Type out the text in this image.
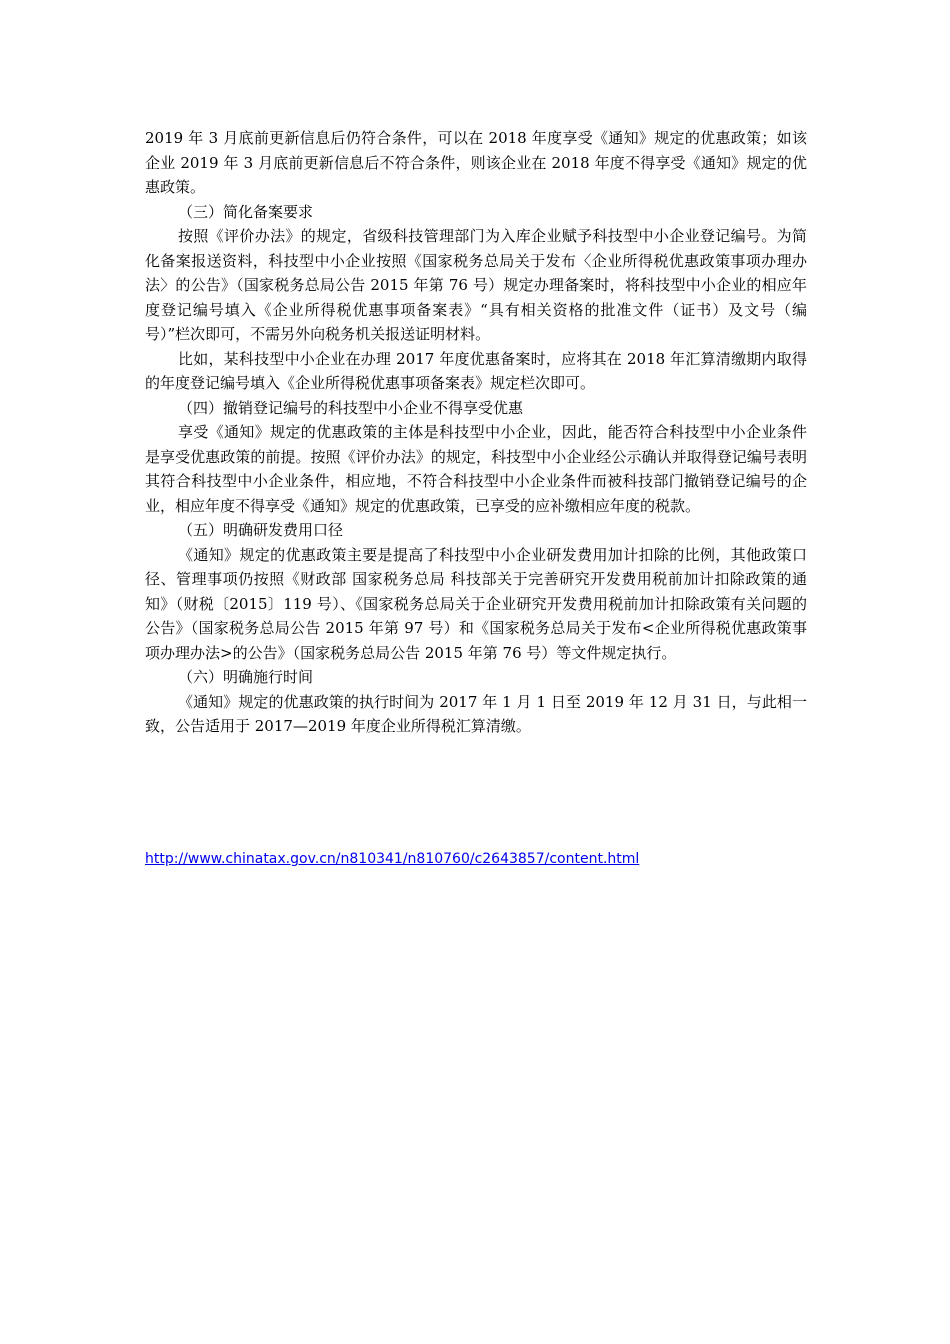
2019 年 3 月底前更新信息后仍符合条件，可以在 2018 年度享受《通知》规定的优惠政策；如该企业 2019 年 3 月底前更新信息后不符合条件，则该企业在 2018 年度不得享受《通知》规定的优惠政策。

（三）简化备案要求

按照《评价办法》的规定，省级科技管理部门为入库企业赋予科技型中小企业登记编号。为简化备案报送资料，科技型中小企业按照《国家税务总局关于发布〈企业所得税优惠政策事项办理办法〉的公告》（国家税务总局公告 2015 年第 76 号）规定办理备案时，将科技型中小企业的相应年度登记编号填入《企业所得税优惠事项备案表》“具有相关资格的批准文件（证书）及文号（编号）”栏次即可，不需另外向税务机关报送证明材料。

比如，某科技型中小企业在办理 2017 年度优惠备案时，应将其在 2018 年汇算清缴期内取得的年度登记编号填入《企业所得税优惠事项备案表》规定栏次即可。

（四）撤销登记编号的科技型中小企业不得享受优惠

享受《通知》规定的优惠政策的主体是科技型中小企业，因此，能否符合科技型中小企业条件是享受优惠政策的前提。按照《评价办法》的规定，科技型中小企业经公示确认并取得登记编号表明其符合科技型中小企业条件，相应地，不符合科技型中小企业条件而被科技部门撤销登记编号的企业，相应年度不得享受《通知》规定的优惠政策，已享受的应补缴相应年度的税款。

（五）明确研发费用口径

《通知》规定的优惠政策主要是提高了科技型中小企业研发费用加计扣除的比例，其他政策口径、管理事项仍按照《财政部 国家税务总局 科技部关于完善研究开发费用税前加计扣除政策的通知》（财税〔2015〕119 号）、《国家税务总局关于企业研究开发费用税前加计扣除政策有关问题的公告》（国家税务总局公告 2015 年第 97 号）和《国家税务总局关于发布<企业所得税优惠政策事项办理办法>的公告》（国家税务总局公告 2015 年第 76 号）等文件规定执行。

（六）明确施行时间

《通知》规定的优惠政策的执行时间为 2017 年 1 月 1 日至 2019 年 12 月 31 日，与此相一致，公告适用于 2017—2019 年度企业所得税汇算清缴。

http://www.chinatax.gov.cn/n810341/n810760/c2643857/content.html
